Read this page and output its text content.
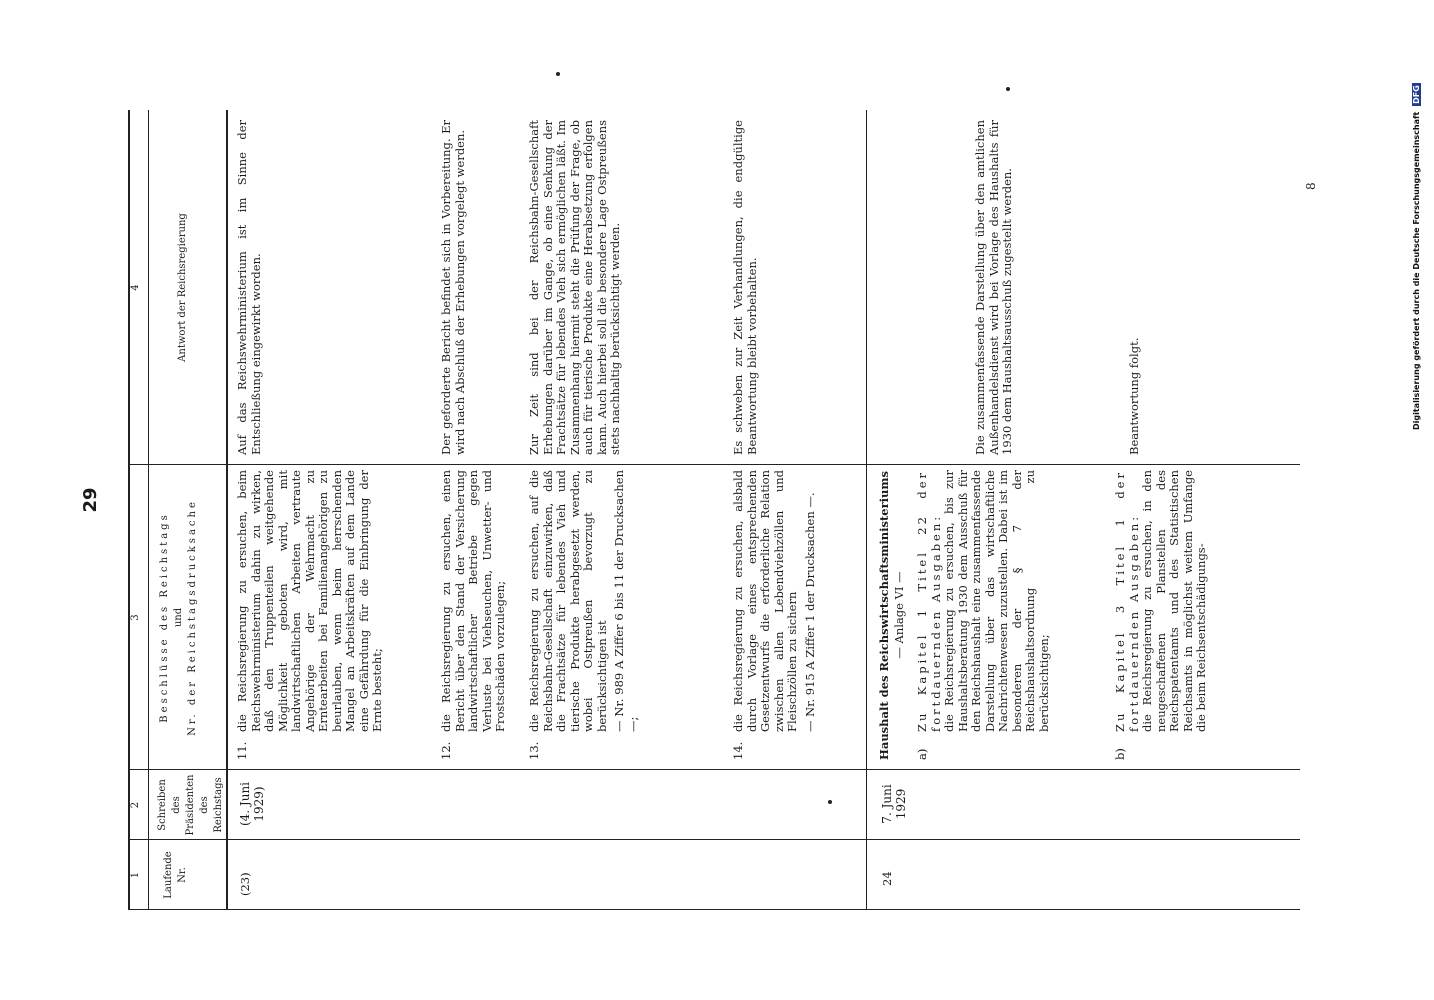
29
1
2
3
4
Laufende Nr.
Schreiben des Präsidenten des Reichstags
Beschlüsse des Reichstags und Nr. der Reichstagsdrucksache
Antwort der Reichsregierung
(23)
(4. Juni 1929)
11.
die Reichsregierung zu ersuchen, beim Reichswehrministerium dahin zu wirken, daß den Truppenteilen weitgehende Möglichkeit geboten wird, mit landwirtschaftlichen Arbeiten vertraute Angehörige der Wehrmacht zu Erntearbeiten bei Familienangehörigen zu beurlauben, wenn beim herrschenden Mangel an Arbeitskräften auf dem Lande eine Gefährdung für die Einbringung der Ernte besteht;
Auf das Reichswehrministerium ist im Sinne der Entschließung eingewirkt worden.
12.
die Reichsregierung zu ersuchen, einen Bericht über den Stand der Versicherung landwirtschaftlicher Betriebe gegen Verluste bei Viehseuchen, Unwetter- und Frostschäden vorzulegen;
Der geforderte Bericht befindet sich in Vorbereitung. Er wird nach Abschluß der Erhebungen vorgelegt werden.
13.
die Reichsregierung zu ersuchen, auf die Reichsbahn-Gesellschaft einzuwirken, daß die Frachtsätze für lebendes Vieh und tierische Produkte herabgesetzt werden, wobei Ostpreußen bevorzugt zu berücksichtigen ist — Nr. 989 A Ziffer 6 bis 11 der Drucksachen —;
Zur Zeit sind bei der Reichsbahn-Gesellschaft Erhebungen darüber im Gange, ob eine Senkung der Frachtsätze für lebendes Vieh sich ermöglichen läßt. Im Zusammenhang hiermit steht die Prüfung der Frage, ob auch für tierische Produkte eine Herabsetzung erfolgen kann. Auch hierbei soll die besondere Lage Ostpreußens stets nachhaltig berücksichtigt werden.
14.
die Reichsregierung zu ersuchen, alsbald durch Vorlage eines entsprechenden Gesetzentwurfs die erforderliche Relation zwischen allen Lebendviehzöllen und Fleischzöllen zu sichern — Nr. 915 A Ziffer 1 der Drucksachen —.
Es schweben zur Zeit Verhandlungen, die endgültige Beantwortung bleibt vorbehalten.
24
7. Juni 1929
Haushalt des Reichswirtschaftsministeriums — Anlage VI —
a)
Zu Kapitel 1 Titel 22 der fortdauernden Ausgaben: die Reichsregierung zu ersuchen, bis zur Haushaltsberatung 1930 dem Ausschuß für den Reichshaushalt eine zusammenfassende Darstellung über das wirtschaftliche Nachrichtenwesen zuzustellen. Dabei ist im besonderen der § 7 der Reichshaushaltsordnung zu berücksichtigen;
Die zusammenfassende Darstellung über den amtlichen Außenhandelsdienst wird bei Vorlage des Haushalts für 1930 dem Haushaltsausschuß zugestellt werden.
b)
Zu Kapitel 3 Titel 1 der fortdauernden Ausgaben: die Reichsregierung zu ersuchen, in den neugeschaffenen Planstellen des Reichspatentamts und des Statistischen Reichsamts in möglichst weitem Umfange die beim Reichsentschädigungs-
Beantwortung folgt.
8	Digitalisierung gefördert durch die Deutsche Forschungsgemeinschaft DFG
